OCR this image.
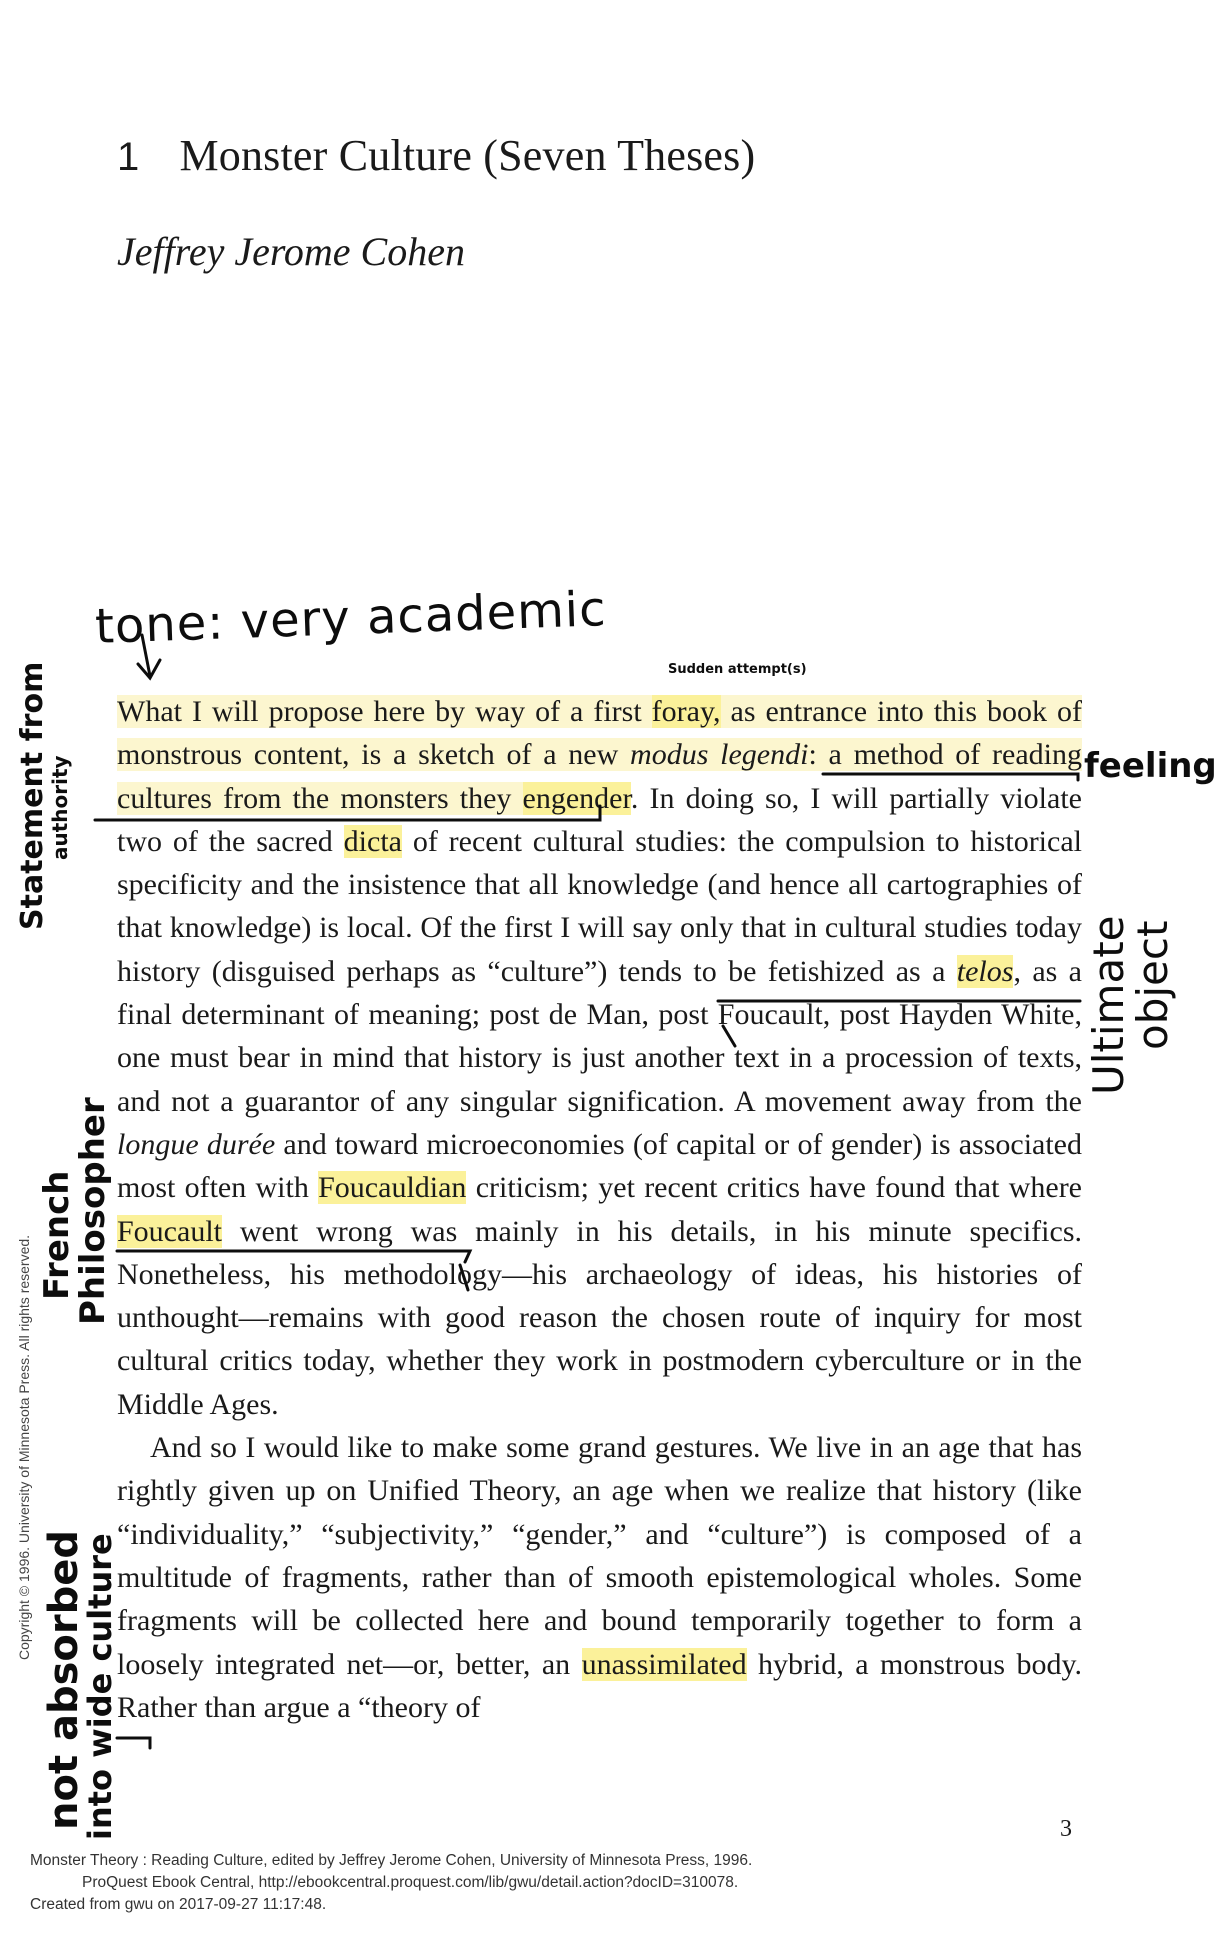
1 Monster Culture (Seven Theses)
Jeffrey Jerome Cohen

What I will propose here by way of a first foray, as entrance into this book of monstrous content, is a sketch of a new modus legendi: a method of reading cultures from the monsters they engender. In doing so, I will partially violate two of the sacred dicta of recent cultural studies: the compulsion to historical specificity and the insistence that all knowledge (and hence all cartographies of that knowledge) is local. Of the first I will say only that in cultural studies today history (disguised perhaps as “culture”) tends to be fetishized as a telos, as a final determinant of meaning; post de Man, post Foucault, post Hayden White, one must bear in mind that history is just another text in a procession of texts, and not a guarantor of any singular signification. A movement away from the longue durée and toward microeconomies (of capital or of gender) is associated most often with Foucauldian criticism; yet recent critics have found that where Foucault went wrong was mainly in his details, in his minute specifics. Nonetheless, his methodology—his archaeology of ideas, his histories of unthought—remains with good reason the chosen route of inquiry for most cultural critics today, whether they work in postmodern cyberculture or in the Middle Ages.

And so I would like to make some grand gestures. We live in an age that has rightly given up on Unified Theory, an age when we realize that history (like “individuality,” “subjectivity,” “gender,” and “culture”) is composed of a multitude of fragments, rather than of smooth epistemological wholes. Some fragments will be collected here and bound temporarily together to form a loosely integrated net—or, better, an unassimilated hybrid, a monstrous body. Rather than argue a “theory of

3
Monster Theory : Reading Culture, edited by Jeffrey Jerome Cohen, University of Minnesota Press, 1996.
ProQuest Ebook Central, http://ebookcentral.proquest.com/lib/gwu/detail.action?docID=310078.
Created from gwu on 2017-09-27 11:17:48.
Copyright © 1996. University of Minnesota Press. All rights reserved.
tone: very academic
Sudden attempt(s)
feeling
Statement from
authority
Ultimate
object
French
Philosopher
not absorbed
into wide culture
